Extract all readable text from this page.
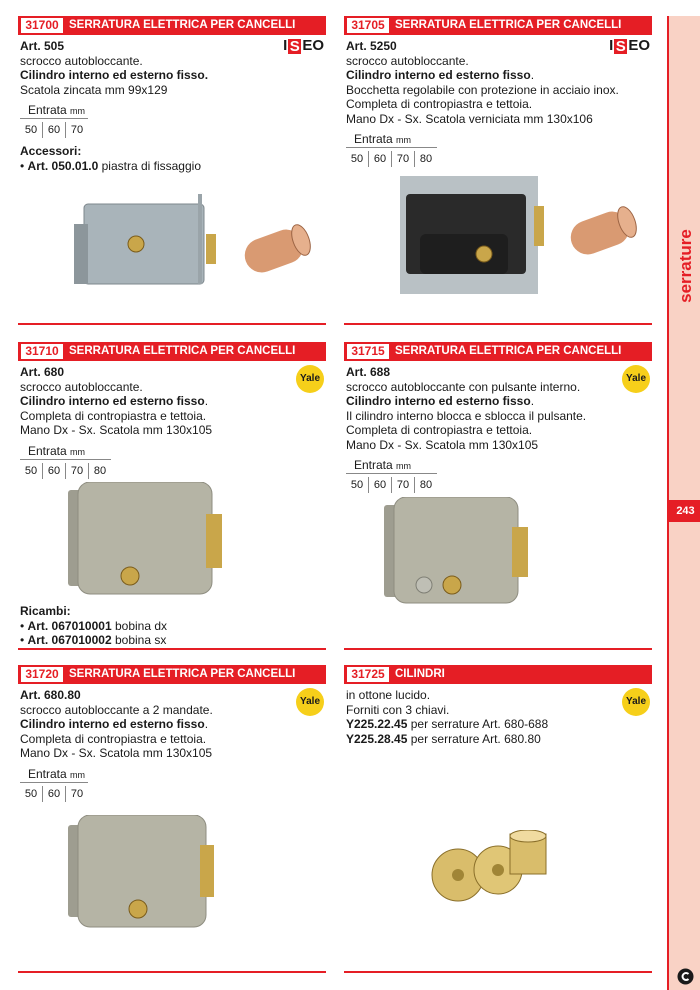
serrature
243
31700 SERRATURA ELETTRICA PER CANCELLI
I S EO

Art. 505

scrocco autobloccante.

Cilindro interno ed esterno fisso.

Scatola zincata mm 99x129

Entrata mm
50 60 70

Accessori:

• Art. 050.01.0 piastra di fissaggio

31705 SERRATURA ELETTRICA PER CANCELLI
I S EO

Art. 5250

scrocco autobloccante.

Cilindro interno ed esterno fisso.

Bocchetta regolabile con protezione in acciaio inox.

Completa di contropiastra e tettoia.

Mano Dx - Sx. Scatola verniciata mm 130x106

Entrata mm
50 60 70 80
31710 SERRATURA ELETTRICA PER CANCELLI
Yale

Art. 680

scrocco autobloccante.

Cilindro interno ed esterno fisso.

Completa di contropiastra e tettoia.

Mano Dx - Sx. Scatola mm 130x105

Entrata mm
50 60 70 80

Ricambi:

• Art. 067010001 bobina dx

• Art. 067010002 bobina sx

31715 SERRATURA ELETTRICA PER CANCELLI
Yale

Art. 688

scrocco autobloccante con pulsante interno.

Cilindro interno ed esterno fisso.

Il cilindro interno blocca e sblocca il pulsante.

Completa di contropiastra e tettoia.

Mano Dx - Sx. Scatola mm 130x105

Entrata mm
50 60 70 80
31720 SERRATURA ELETTRICA PER CANCELLI
Yale

Art. 680.80

scrocco autobloccante a 2 mandate.

Cilindro interno ed esterno fisso.

Completa di contropiastra e tettoia.

Mano Dx - Sx. Scatola mm 130x105

Entrata mm
50 60 70
31725 CILINDRI
Yale

in ottone lucido.

Forniti con 3 chiavi.

Y225.22.45 per serrature Art. 680-688

Y225.28.45 per serrature Art. 680.80
